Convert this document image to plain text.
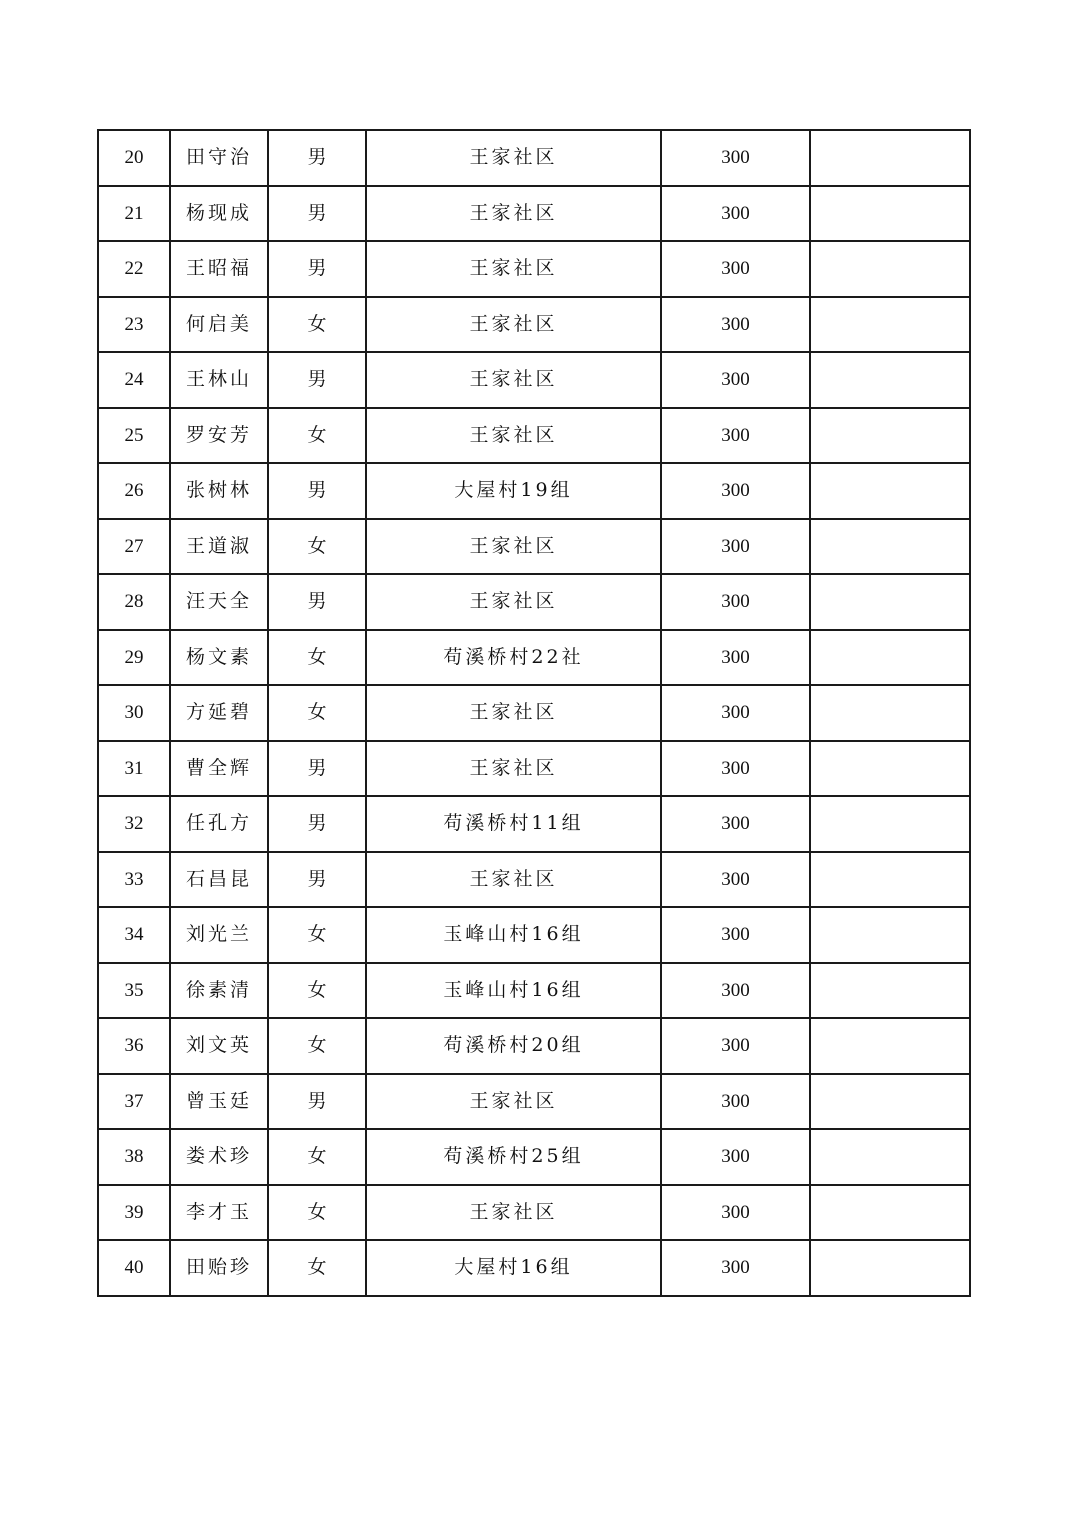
20	田守治	男	王家社区	300	
21	杨现成	男	王家社区	300	
22	王昭福	男	王家社区	300	
23	何启美	女	王家社区	300	
24	王林山	男	王家社区	300	
25	罗安芳	女	王家社区	300	
26	张树林	男	大屋村19组	300	
27	王道淑	女	王家社区	300	
28	汪天全	男	王家社区	300	
29	杨文素	女	苟溪桥村22社	300	
30	方延碧	女	王家社区	300	
31	曹全辉	男	王家社区	300	
32	任孔方	男	苟溪桥村11组	300	
33	石昌昆	男	王家社区	300	
34	刘光兰	女	玉峰山村16组	300	
35	徐素清	女	玉峰山村16组	300	
36	刘文英	女	苟溪桥村20组	300	
37	曾玉廷	男	王家社区	300	
38	娄术珍	女	苟溪桥村25组	300	
39	李才玉	女	王家社区	300	
40	田贻珍	女	大屋村16组	300	
